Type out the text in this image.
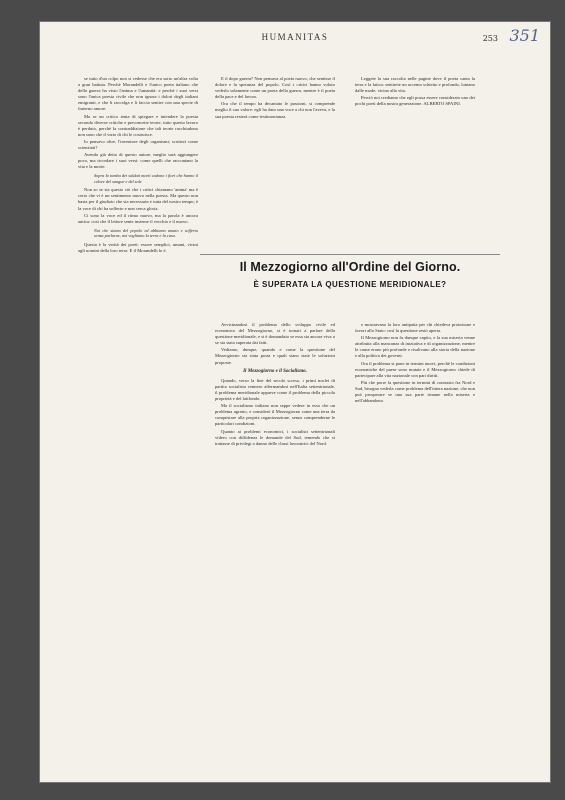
HUMANITAS	253 351

se tutto d'un colpo non si vedesse che era sorto un'altra volta a gran battuta. Perchè Morandelli e l'unico poeta italiano che della guerra ha visto l'anima e l'umanità: e perchè i suoi versi sono l'unica poesia civile che non ignora i dolori degli italiani emigranti, e che li raccolga e li faccia sentire con una specie di fraterno amore.

Ma se un critico tenta di spiegare e intendere la poesia secondo diverse critiche e preconcette teorie, tutto questo lavoro è perduto, perchè la contraddizione che tali teorie racchiudono non sono che il vizio di chi le costruisce.

Io pensavo oltre, l'inventore degli organismi; scrittori come scienziati?

Avendo già detto di questo autore, meglio sarà aggiungere poco, ma ricordare i suoi versi: come quelli che raccontano la vita e la morte.

Sopra la tomba dei soldati morti cadono i fiori che hanno il colore del sangue e del sole

Non so se sia questo ciò che i critici chiamano 'anima' ma è certo che vi è un sentimento nuovo nella poesia. Ma questo non basta per il giudizio che sia necessaria e tutta del nostro tempo; è la voce di chi ha sofferto e non cerca gloria.

Ci sono la voce ed il ritmo nuovo, ma la parola è ancora antica: così che il lettore sente insieme il vecchio e il nuovo.

Noi che siamo del popolo ed abbiamo amato e sofferto senza parlarne, noi vogliamo la terra e la casa.

Questa è la verità dei poeti: essere semplici, umani, vicini agli uomini della loro terra. E il Morandelli lo è.

E il dopo guerra? Non pensava al poeta nuovo, che sentisse il dolore e la speranza del popolo. Così i critici hanno voluto vederlo solamente come un poeta della guerra, mentre è il poeta della pace e del lavoro.

Ora che il tempo ha decantato le passioni, si comprende meglio il suo valore: egli ha dato una voce a chi non l'aveva, e la sua poesia resterà come testimonianza.

Leggete la sua raccolta nelle pagine dove il poeta canta la terra e la fatica: sentirete un accento schietto e profondo, lontano dalle mode, vicino alla vita.

Perciò noi crediamo che egli possa essere considerato uno dei pochi poeti della nostra generazione. ALBERTO SPAINI.

Il Mezzogiorno all'Ordine del Giorno.
È SUPERATA LA QUESTIONE MERIDIONALE?

Avvicinandosi il problema dello sviluppo civile ed economico del Mezzogiorno, si è tornati a parlare della questione meridionale, e si è domandato se essa sia ancora viva o se sia stata superata dai fatti.

Vediamo, dunque, quando e come la questione del Mezzogiorno sia stata posta e quali siano state le soluzioni proposte.

Il Mezzogiorno e il Socialismo.

Quando, verso la fine del secolo scorso, i primi nuclei di partito socialista vennero affermandosi nell'Italia settentrionale, il problema meridionale apparve come il problema della piccola proprietà e del latifondo.

Ma il socialismo italiano non seppe vedere in esso che un problema agrario, e considerò il Mezzogiorno come una terra da conquistare alla propria organizzazione, senza comprenderne le particolari condizioni.

Quanto ai problemi economici, i socialisti settentrionali videro con diffidenza le domande del Sud, temendo che si trattasse di privilegi a danno delle classi lavoratrici del Nord.

e mostravano la loro antipatia per chi chiedeva protezione e favori allo Stato: così la questione restò aperta.

Il Mezzogiorno non fu dunque capito, e la sua miseria venne attribuita alla mancanza di iniziativa e di organizzazione, mentre le cause erano più profonde e risalivano alla storia della nazione e alla politica dei governi.

Ora il problema si pone in termini nuovi, perchè le condizioni economiche del paese sono mutate e il Mezzogiorno chiede di partecipare alla vita nazionale con pari diritti.

Più che porre la questione in termini di contrasto fra Nord e Sud, bisogna vederla come problema dell'intera nazione, che non può prosperare se una sua parte rimane nella miseria e nell'abbandono.
